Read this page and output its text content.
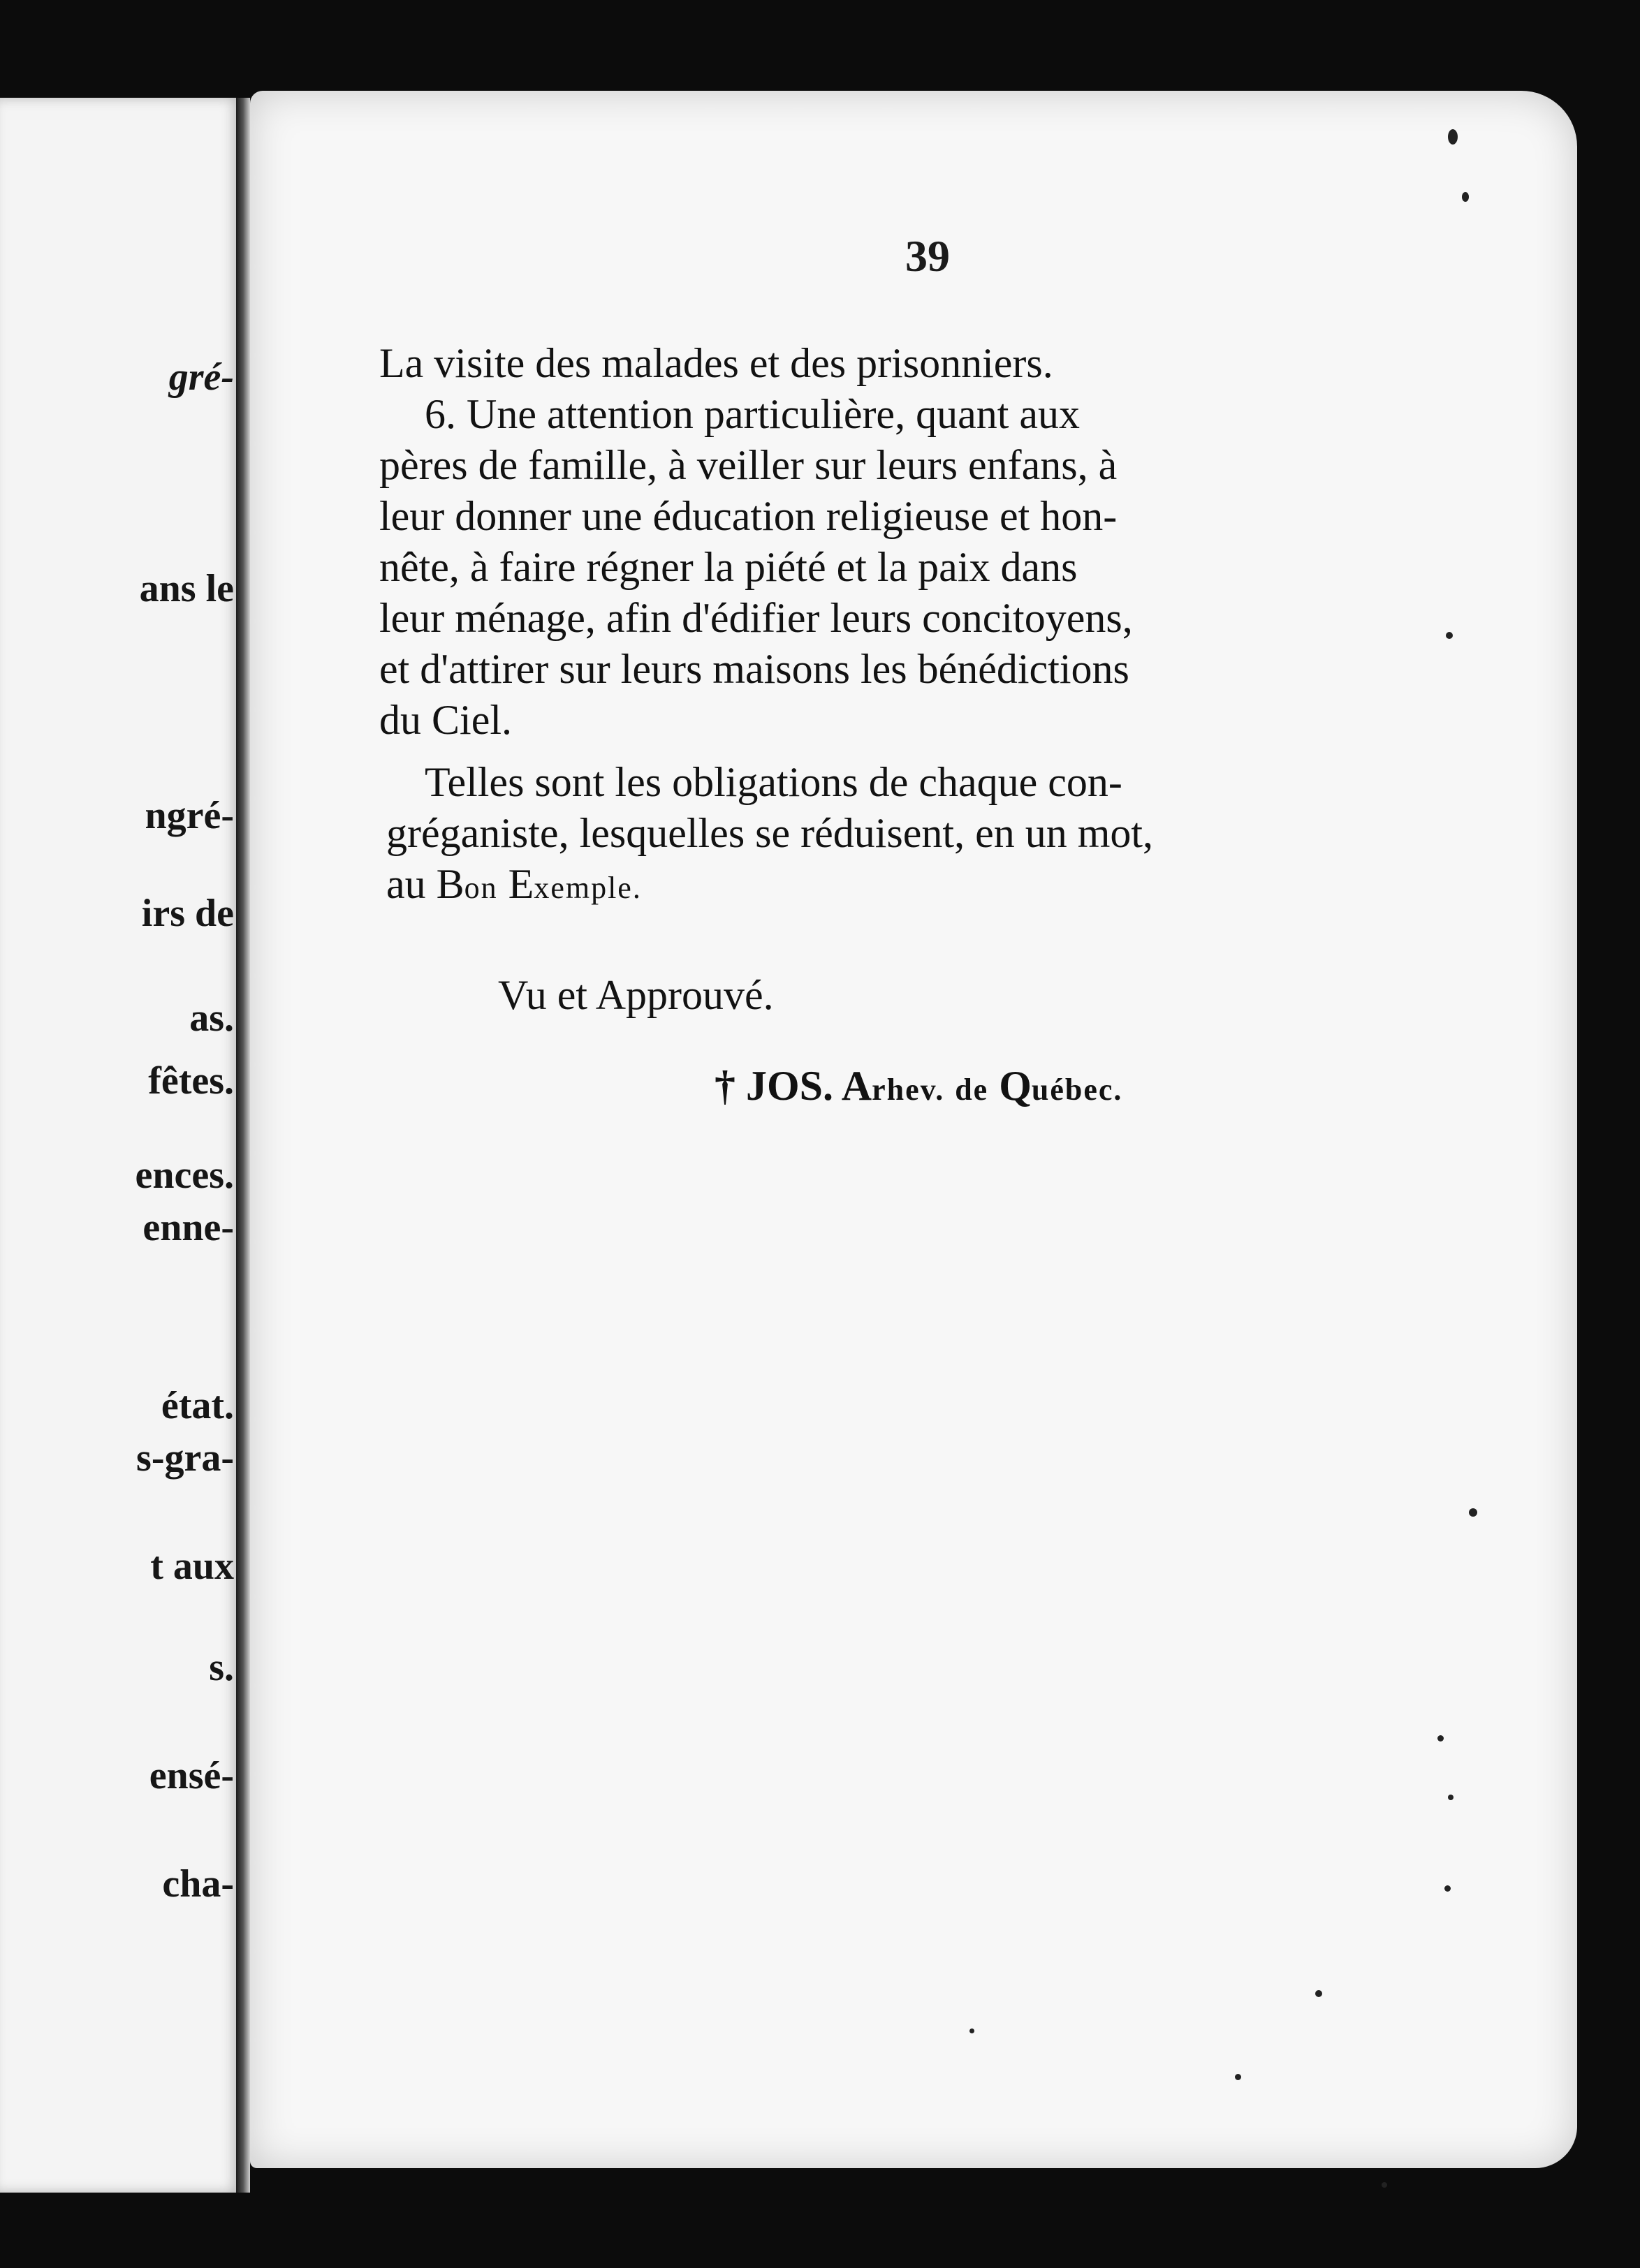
gré-
ans le
ngré-
irs de
as.
fêtes.
ences.
enne-
état.
s-gra-
t aux
s.
ensé-
cha-
39
La visite des malades et des prisonniers.
6. Une attention particulière, quant aux
pères de famille, à veiller sur leurs enfans, à
leur donner une éducation religieuse et hon-
nête, à faire régner la piété et la paix dans
leur ménage, afin d'édifier leurs concitoyens,
et d'attirer sur leurs maisons les bénédictions
du Ciel.
Telles sont les obligations de chaque con-
gréganiste, lesquelles se réduisent, en un mot,
au Bon Exemple.
Vu et Approuvé.
† JOS. Arhev. de Québec.
